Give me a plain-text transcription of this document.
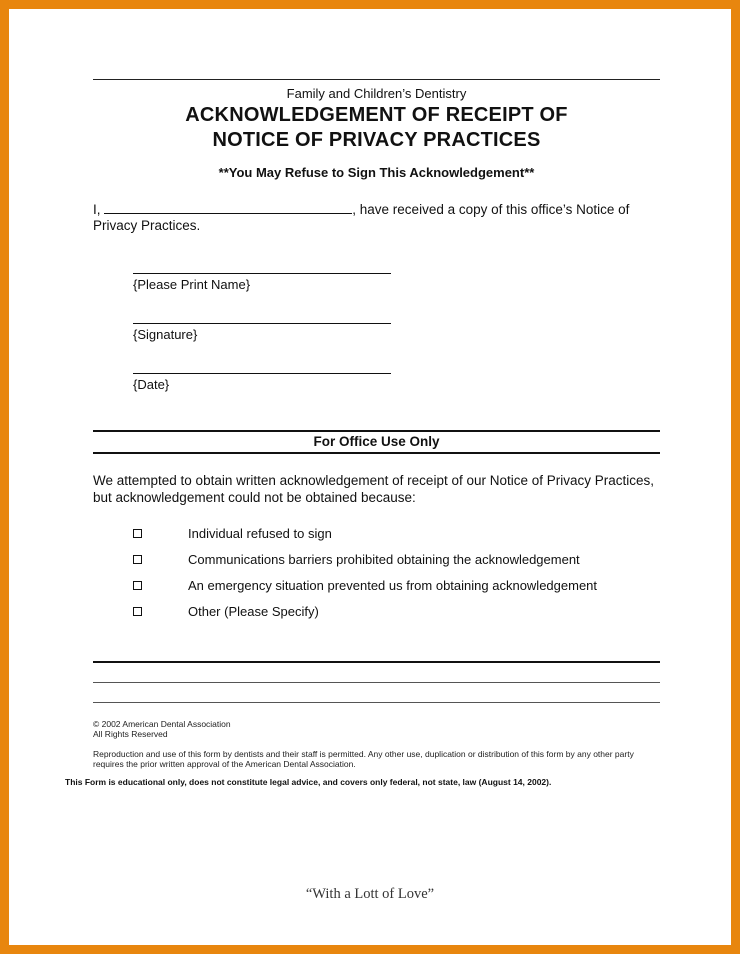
Family and Children’s Dentistry
ACKNOWLEDGEMENT OF RECEIPT OF
NOTICE OF PRIVACY PRACTICES
**You May Refuse to Sign This Acknowledgement**

I,	, have received a copy of this office’s Notice of Privacy Practices.

{Please Print Name}
{Signature}
{Date}
For Office Use Only

We attempted to obtain written acknowledgement of receipt of our Notice of Privacy Practices, but acknowledgement could not be obtained because:

Individual refused to sign
Communications barriers prohibited obtaining the acknowledgement
An emergency situation prevented us from obtaining acknowledgement
Other (Please Specify)
© 2002 American Dental Association
All Rights Reserved
Reproduction and use of this form by dentists and their staff is permitted. Any other use, duplication or distribution of this form by any other party requires the prior written approval of the American Dental Association.
This Form is educational only, does not constitute legal advice, and covers only federal, not state, law (August 14, 2002).
“With a Lott of Love”
